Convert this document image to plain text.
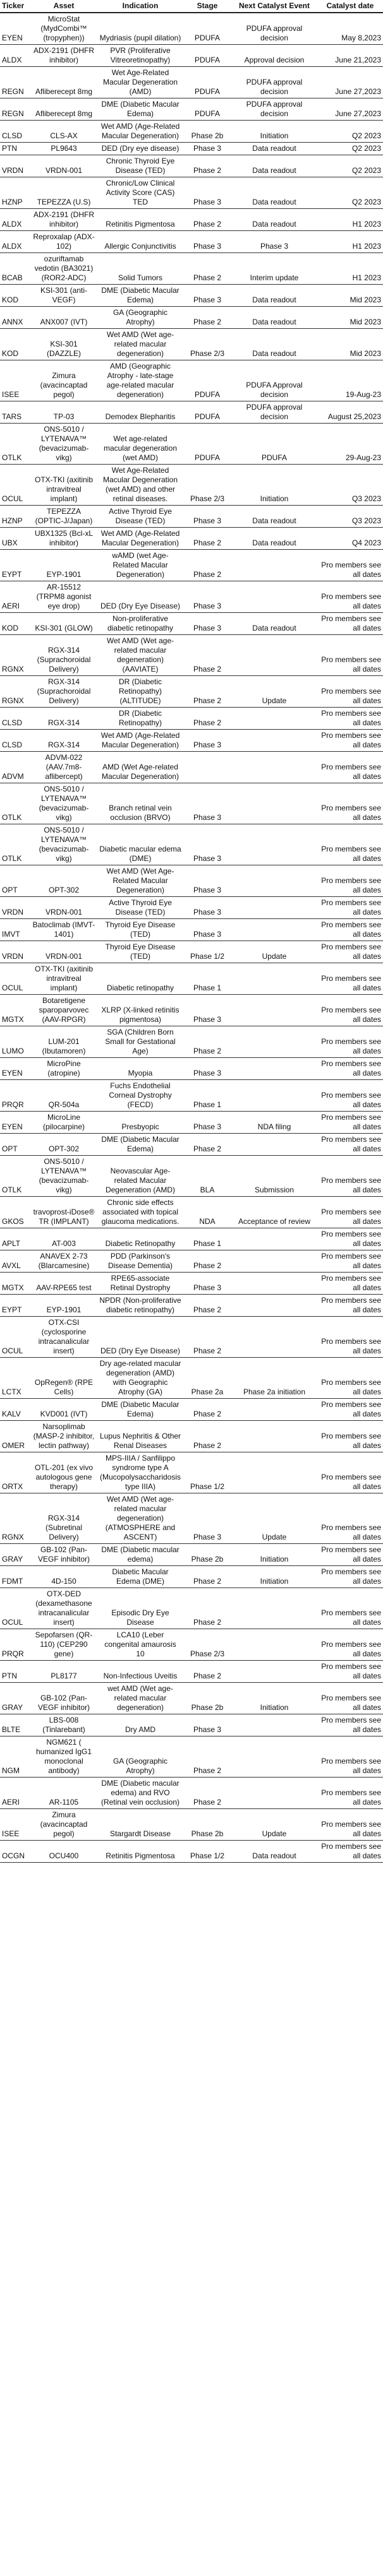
Ticker	Asset	Indication	Stage	Next Catalyst Event	Catalyst date
EYEN	MicroStat (MydCombi™ (tropyphen))	Mydriasis (pupil dilation)	PDUFA	PDUFA approval decision	May 8,2023
ALDX	ADX-2191 (DHFR inhibitor)	PVR (Proliferative Vitreoretinopathy)	PDUFA	Approval decision	June 21,2023
REGN	Afliberecept 8mg	Wet Age-Related Macular Degeneration (AMD)	PDUFA	PDUFA approval decision	June 27,2023
REGN	Afliberecept 8mg	DME (Diabetic Macular Edema)	PDUFA	PDUFA approval decision	June 27,2023
CLSD	CLS-AX	Wet AMD (Age-Related Macular Degeneration)	Phase 2b	Initiation	Q2 2023
PTN	PL9643	DED (Dry eye disease)	Phase 3	Data readout	Q2 2023
VRDN	VRDN-001	Chronic Thyroid Eye Disease (TED)	Phase 2	Data readout	Q2 2023
HZNP	TEPEZZA (U.S)	Chronic/Low Clinical Activity Score (CAS) TED	Phase 3	Data readout	Q2 2023
ALDX	ADX-2191 (DHFR inhibitor)	Retinitis Pigmentosa	Phase 2	Data readout	H1 2023
ALDX	Reproxalap (ADX-102)	Allergic Conjunctivitis	Phase 3	Phase 3	H1 2023
BCAB	ozuriftamab vedotin (BA3021) (ROR2-ADC)	Solid Tumors	Phase 2	Interim update	H1 2023
KOD	KSI-301 (anti-VEGF)	DME (Diabetic Macular Edema)	Phase 3	Data readout	Mid 2023
ANNX	ANX007 (IVT)	GA (Geographic Atrophy)	Phase 2	Data readout	Mid 2023
KOD	KSI-301 (DAZZLE)	Wet AMD (Wet age-related macular degeneration)	Phase 2/3	Data readout	Mid 2023
ISEE	Zimura (avacincaptad pegol)	AMD (Geographic Atrophy - late-stage age-related macular degeneration)	PDUFA	PDUFA Approval decision	19-Aug-23
TARS	TP-03	Demodex Blepharitis	PDUFA	PDUFA approval decision	August 25,2023
OTLK	ONS-5010 / LYTENAVA™ (bevacizumab-vikg)	Wet age-related macular degeneration (wet AMD)	PDUFA	PDUFA	29-Aug-23
OCUL	OTX-TKI (axitinib intravitreal implant)	Wet Age-Related Macular Degeneration (wet AMD) and other retinal diseases.	Phase 2/3	Initiation	Q3 2023
HZNP	TEPEZZA (OPTIC-J/Japan)	Active Thyroid Eye Disease (TED)	Phase 3	Data readout	Q3 2023
UBX	UBX1325 (Bcl-xL inhibitor)	Wet AMD (Age-Related Macular Degeneration)	Phase 2	Data readout	Q4 2023
EYPT	EYP-1901	wAMD (wet Age-Related Macular Degeneration)	Phase 2		Pro members see all dates
AERI	AR-15512 (TRPM8 agonist eye drop)	DED (Dry Eye Disease)	Phase 3		Pro members see all dates
KOD	KSI-301 (GLOW)	Non-proliferative diabetic retinopathy	Phase 3	Data readout	Pro members see all dates
RGNX	RGX-314 (Suprachoroidal Delivery)	Wet AMD (Wet age-related macular degeneration) (AAVIATE)	Phase 2		Pro members see all dates
RGNX	RGX-314 (Suprachoroidal Delivery)	DR (Diabetic Retinopathy) (ALTITUDE)	Phase 2	Update	Pro members see all dates
CLSD	RGX-314	DR (Diabetic Retinopathy)	Phase 2		Pro members see all dates
CLSD	RGX-314	Wet AMD (Age-Related Macular Degeneration)	Phase 3		Pro members see all dates
ADVM	ADVM-022 (AAV.7m8-aflibercept)	AMD (Wet Age-related Macular Degeneration)			Pro members see all dates
OTLK	ONS-5010 / LYTENAVA™ (bevacizumab-vikg)	Branch retinal vein occlusion (BRVO)	Phase 3		Pro members see all dates
OTLK	ONS-5010 / LYTENAVA™ (bevacizumab-vikg)	Diabetic macular edema (DME)	Phase 3		Pro members see all dates
OPT	OPT-302	Wet AMD (Wet Age-Related Macular Degeneration)	Phase 3		Pro members see all dates
VRDN	VRDN-001	Active Thyroid Eye Disease (TED)	Phase 3		Pro members see all dates
IMVT	Batoclimab (IMVT-1401)	Thyroid Eye Disease (TED)	Phase 3		Pro members see all dates
VRDN	VRDN-001	Thyroid Eye Disease (TED)	Phase 1/2	Update	Pro members see all dates
OCUL	OTX-TKI (axitinib intravitreal implant)	Diabetic retinopathy	Phase 1		Pro members see all dates
MGTX	Botaretigene sparoparvovec (AAV-RPGR)	XLRP (X-linked retinitis pigmentosa)	Phase 3		Pro members see all dates
LUMO	LUM-201 (Ibutamoren)	SGA (Children Born Small for Gestational Age)	Phase 2		Pro members see all dates
EYEN	MicroPine (atropine)	Myopia	Phase 3		Pro members see all dates
PRQR	QR-504a	Fuchs Endothelial Corneal Dystrophy (FECD)	Phase 1		Pro members see all dates
EYEN	MicroLine (pilocarpine)	Presbyopic	Phase 3	NDA filing	Pro members see all dates
OPT	OPT-302	DME (Diabetic Macular Edema)	Phase 2		Pro members see all dates
OTLK	ONS-5010 / LYTENAVA™ (bevacizumab-vikg)	Neovascular Age-related Macular Degeneration (AMD)	BLA	Submission	Pro members see all dates
GKOS	travoprost-iDose® TR (IMPLANT)	Chronic side effects associated with topical glaucoma medications.	NDA	Acceptance of review	Pro members see all dates
APLT	AT-003	Diabetic Retinopathy	Phase 1		Pro members see all dates
AVXL	ANAVEX 2-73 (Blarcamesine)	PDD (Parkinson's Disease Dementia)	Phase 2		Pro members see all dates
MGTX	AAV-RPE65 test	RPE65-associate Retinal Dystrophy	Phase 3		Pro members see all dates
EYPT	EYP-1901	NPDR (Non-proliferative diabetic retinopathy)	Phase 2		Pro members see all dates
OCUL	OTX-CSI (cyclosporine intracanalicular insert)	DED (Dry Eye Disease)	Phase 2		Pro members see all dates
LCTX	OpRegen® (RPE Cells)	Dry age-related macular degeneration (AMD) with Geographic Atrophy (GA)	Phase 2a	Phase 2a initiation	Pro members see all dates
KALV	KVD001 (IVT)	DME (Diabetic Macular Edema)	Phase 2		Pro members see all dates
OMER	Narsoplimab (MASP-2 inhibitor, lectin pathway)	Lupus Nephritis & Other Renal Diseases	Phase 2		Pro members see all dates
ORTX	OTL-201 (ex vivo autologous gene therapy)	MPS-IIIA / Sanfilippo syndrome type A (Mucopolysaccharidosis type IIIA)	Phase 1/2		Pro members see all dates
RGNX	RGX-314 (Subretinal Delivery)	Wet AMD (Wet age-related macular degeneration) (ATMOSPHERE and ASCENT)	Phase 3	Update	Pro members see all dates
GRAY	GB-102 (Pan-VEGF inhibitor)	DME (Diabetic macular edema)	Phase 2b	Initiation	Pro members see all dates
FDMT	4D-150	Diabetic Macular Edema (DME)	Phase 2	Initiation	Pro members see all dates
OCUL	OTX-DED (dexamethasone intracanalicular insert)	Episodic Dry Eye Disease	Phase 2		Pro members see all dates
PRQR	Sepofarsen (QR-110) (CEP290 gene)	LCA10 (Leber congenital amaurosis 10	Phase 2/3		Pro members see all dates
PTN	PL8177	Non-Infectious Uveitis	Phase 2		Pro members see all dates
GRAY	GB-102 (Pan-VEGF inhibitor)	wet AMD (Wet age-related macular degeneration)	Phase 2b	Initiation	Pro members see all dates
BLTE	LBS-008 (Tinlarebant)	Dry AMD	Phase 3		Pro members see all dates
NGM	NGM621 ( humanized IgG1 monoclonal antibody)	GA (Geographic Atrophy)	Phase 2		Pro members see all dates
AERI	AR-1105	DME (Diabetic macular edema) and RVO (Retinal vein occlusion)	Phase 2		Pro members see all dates
ISEE	Zimura (avacincaptad pegol)	Stargardt Disease	Phase 2b	Update	Pro members see all dates
OCGN	OCU400	Retinitis Pigmentosa	Phase 1/2	Data readout	Pro members see all dates
